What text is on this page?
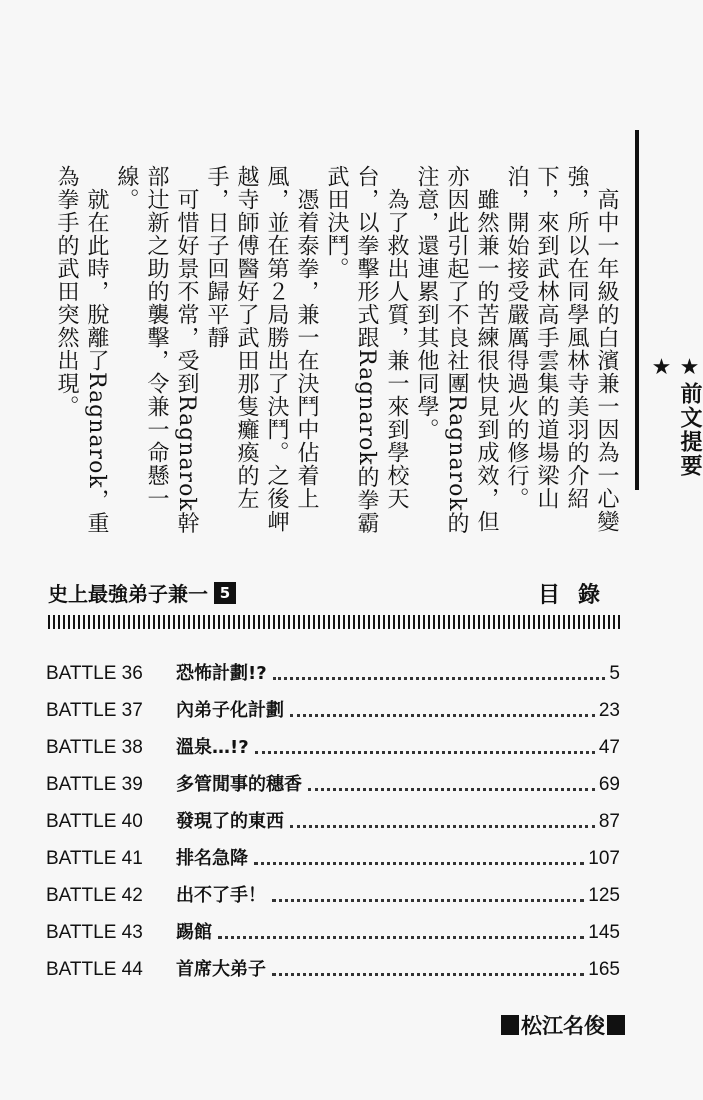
★前文提要★

　高中一年級的白濱兼一因為一心變強，所以在同學風林寺美羽的介紹下，來到武林高手雲集的道場梁山泊，開始接受嚴厲得過火的修行。

　雖然兼一的苦練很快見到成效，但亦因此引起了不良社團Ragnarok的注意，還連累到其他同學。

　為了救出人質，兼一來到學校天台，以拳擊形式跟Ragnarok的拳霸武田決鬥。

　憑着泰拳，兼一在決鬥中佔着上風，並在第２局勝出了決鬥。之後岬越寺師傅醫好了武田那隻癱瘓的左手，日子回歸平靜

　可惜好景不常，受到Ragnarok幹部辻新之助的襲擊，令兼一命懸一線。

　就在此時，脫離了Ragnarok，重為拳手的武田突然出現。

史上最強弟子兼一 5	目錄
BATTLE 36	恐怖計劃!?	5
BATTLE 37	內弟子化計劃	23
BATTLE 38	溫泉…!?	47
BATTLE 39	多管閒事的穗香	69
BATTLE 40	發現了的東西	87
BATTLE 41	排名急降	107
BATTLE 42	出不了手！	125
BATTLE 43	踢館	145
BATTLE 44	首席大弟子	165
松江名俊
